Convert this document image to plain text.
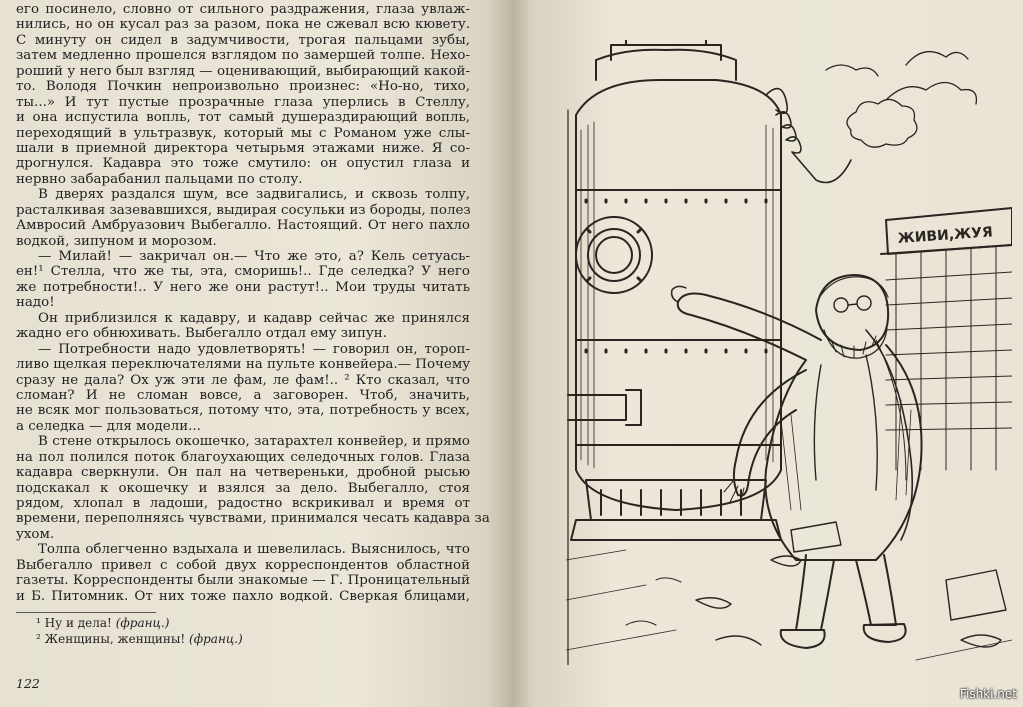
его посинело, словно от сильного раздражения, глаза увлаж-
нились, но он кусал раз за разом, пока не сжевал всю кювету.
С минуту он сидел в задумчивости, трогая пальцами зубы,
затем медленно прошелся взглядом по замершей толпе. Нехо-
роший у него был взгляд — оценивающий, выбирающий какой-
то. Володя Почкин непроизвольно произнес: «Но-но, тихо,
ты...» И тут пустые прозрачные глаза уперлись в Стеллу,
и она испустила вопль, тот самый душераздирающий вопль,
переходящий в ультразвук, который мы с Романом уже слы-
шали в приемной директора четырьмя этажами ниже. Я со-
дрогнулся. Кадавра это тоже смутило: он опустил глаза и
нервно забарабанил пальцами по столу.
В дверях раздался шум, все задвигались, и сквозь толпу,
расталкивая зазевавшихся, выдирая сосульки из бороды, полез
Амвросий Амбруазович Выбегалло. Настоящий. От него пахло
водкой, зипуном и морозом.
— Милай! — закричал он.— Что же это, а? Кель сетуась-
ен!¹ Стелла, что же ты, эта, сморишь!.. Где селедка? У него
же потребности!.. У него же они растут!.. Мои труды читать
надо!
Он приблизился к кадавру, и кадавр сейчас же принялся
жадно его обнюхивать. Выбегалло отдал ему зипун.
— Потребности надо удовлетворять! — говорил он, тороп-
ливо щелкая переключателями на пульте конвейера.— Почему
сразу не дала? Ох уж эти ле фам, ле фам!.. ² Кто сказал, что
сломан? И не сломан вовсе, а заговорен. Чтоб, значить,
не всяк мог пользоваться, потому что, эта, потребность у всех,
а селедка — для модели...
В стене открылось окошечко, затарахтел конвейер, и прямо
на пол полился поток благоухающих селедочных голов. Глаза
кадавра сверкнули. Он пал на четвереньки, дробной рысью
подскакал к окошечку и взялся за дело. Выбегалло, стоя
рядом, хлопал в ладоши, радостно вскрикивал и время от
времени, переполняясь чувствами, принимался чесать кадавра за
ухом.
Толпа облегченно вздыхала и шевелилась. Выяснилось, что
Выбегалло привел с собой двух корреспондентов областной
газеты. Корреспонденты были знакомые — Г. Проницательный
и Б. Питомник. От них тоже пахло водкой. Сверкая блицами,
¹ Ну и дела! (франц.)
² Женщины, женщины! (франц.)
122
ЖИВИ,ЖУЯ
Fishki.net
